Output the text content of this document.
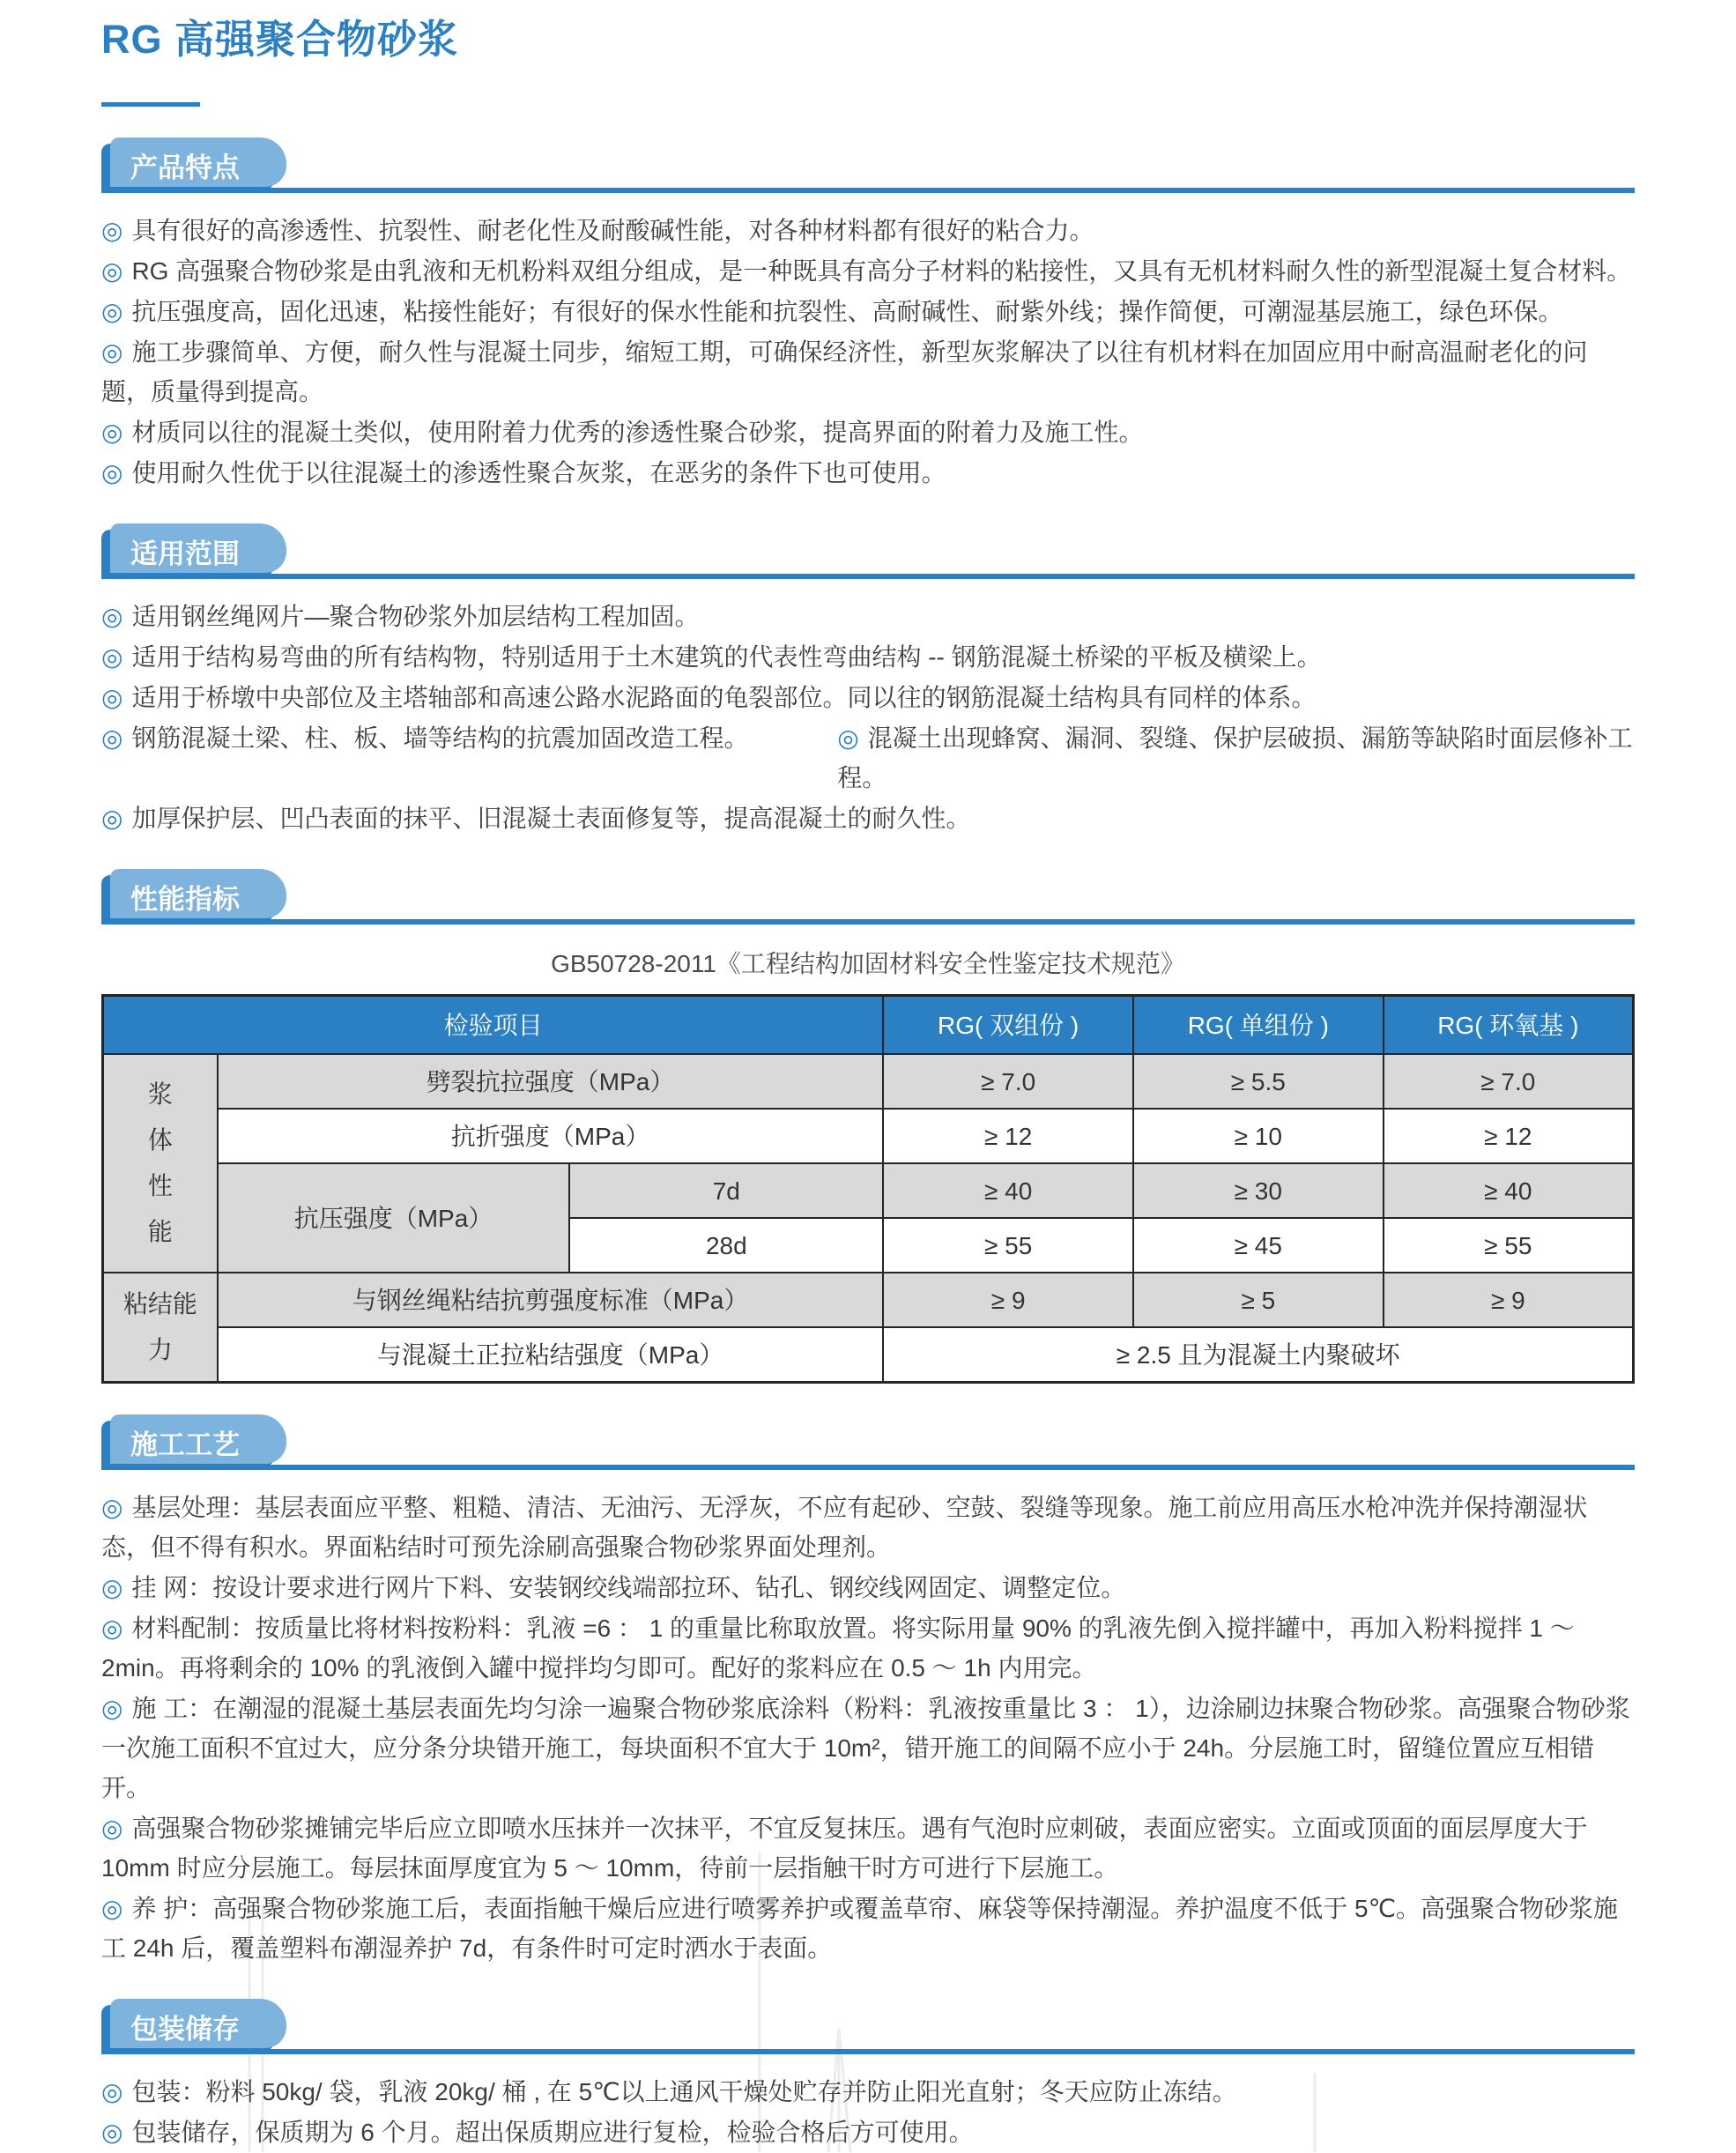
RG 高强聚合物砂浆
产品特点

◎ 具有很好的高渗透性、抗裂性、耐老化性及耐酸碱性能，对各种材料都有很好的粘合力。

◎ RG 高强聚合物砂浆是由乳液和无机粉料双组分组成，是一种既具有高分子材料的粘接性，又具有无机材料耐久性的新型混凝土复合材料。

◎ 抗压强度高，固化迅速，粘接性能好；有很好的保水性能和抗裂性、高耐碱性、耐紫外线；操作简便，可潮湿基层施工，绿色环保。

◎ 施工步骤简单、方便，耐久性与混凝土同步，缩短工期，可确保经济性，新型灰浆解决了以往有机材料在加固应用中耐高温耐老化的问题，质量得到提高。

◎ 材质同以往的混凝土类似，使用附着力优秀的渗透性聚合砂浆，提高界面的附着力及施工性。

◎ 使用耐久性优于以往混凝土的渗透性聚合灰浆，在恶劣的条件下也可使用。

适用范围

◎ 适用钢丝绳网片—聚合物砂浆外加层结构工程加固。

◎ 适用于结构易弯曲的所有结构物，特别适用于土木建筑的代表性弯曲结构 -- 钢筋混凝土桥梁的平板及横梁上。

◎ 适用于桥墩中央部位及主塔轴部和高速公路水泥路面的龟裂部位。同以往的钢筋混凝土结构具有同样的体系。

◎ 钢筋混凝土梁、柱、板、墙等结构的抗震加固改造工程。	◎ 混凝土出现蜂窝、漏洞、裂缝、保护层破损、漏筋等缺陷时面层修补工程。

◎ 加厚保护层、凹凸表面的抹平、旧混凝土表面修复等，提高混凝土的耐久性。

性能指标

GB50728-2011《工程结构加固材料安全性鉴定技术规范》

检验项目			RG( 双组份 )	RG( 单组份 )	RG( 环氧基 )

浆
体
性
能	劈裂抗拉强度（MPa）		≥ 7.0	≥ 5.5	≥ 7.0
	抗折强度（MPa）		≥ 12	≥ 10	≥ 12
	抗压强度（MPa）	7d	≥ 40	≥ 30	≥ 40
		28d	≥ 55	≥ 45	≥ 55

粘结能
力	与钢丝绳粘结抗剪强度标准（MPa）		≥ 9	≥ 5	≥ 9
	与混凝土正拉粘结强度（MPa）		≥ 2.5 且为混凝土内聚破坏		
施工工艺

◎ 基层处理：基层表面应平整、粗糙、清洁、无油污、无浮灰，不应有起砂、空鼓、裂缝等现象。施工前应用高压水枪冲洗并保持潮湿状态，但不得有积水。界面粘结时可预先涂刷高强聚合物砂浆界面处理剂。

◎ 挂 网：按设计要求进行网片下料、安装钢绞线端部拉环、钻孔、钢绞线网固定、调整定位。

◎ 材料配制：按质量比将材料按粉料：乳液 =6 ： 1 的重量比称取放置。将实际用量 90% 的乳液先倒入搅拌罐中，再加入粉料搅拌 1 ～ 2min。再将剩余的 10% 的乳液倒入罐中搅拌均匀即可。配好的浆料应在 0.5 ～ 1h 内用完。

◎ 施 工：在潮湿的混凝土基层表面先均匀涂一遍聚合物砂浆底涂料（粉料：乳液按重量比 3 ： 1），边涂刷边抹聚合物砂浆。高强聚合物砂浆一次施工面积不宜过大，应分条分块错开施工，每块面积不宜大于 10m²，错开施工的间隔不应小于 24h。分层施工时，留缝位置应互相错开。

◎ 高强聚合物砂浆摊铺完毕后应立即喷水压抹并一次抹平，不宜反复抹压。遇有气泡时应刺破，表面应密实。立面或顶面的面层厚度大于 10mm 时应分层施工。每层抹面厚度宜为 5 ～ 10mm，待前一层指触干时方可进行下层施工。

◎ 养 护：高强聚合物砂浆施工后，表面指触干燥后应进行喷雾养护或覆盖草帘、麻袋等保持潮湿。养护温度不低于 5℃。高强聚合物砂浆施工 24h 后，覆盖塑料布潮湿养护 7d，有条件时可定时洒水于表面。

包装储存

◎ 包装：粉料 50kg/ 袋，乳液 20kg/ 桶 , 在 5℃以上通风干燥处贮存并防止阳光直射；冬天应防止冻结。

◎ 包装储存，保质期为 6 个月。超出保质期应进行复检，检验合格后方可使用。
